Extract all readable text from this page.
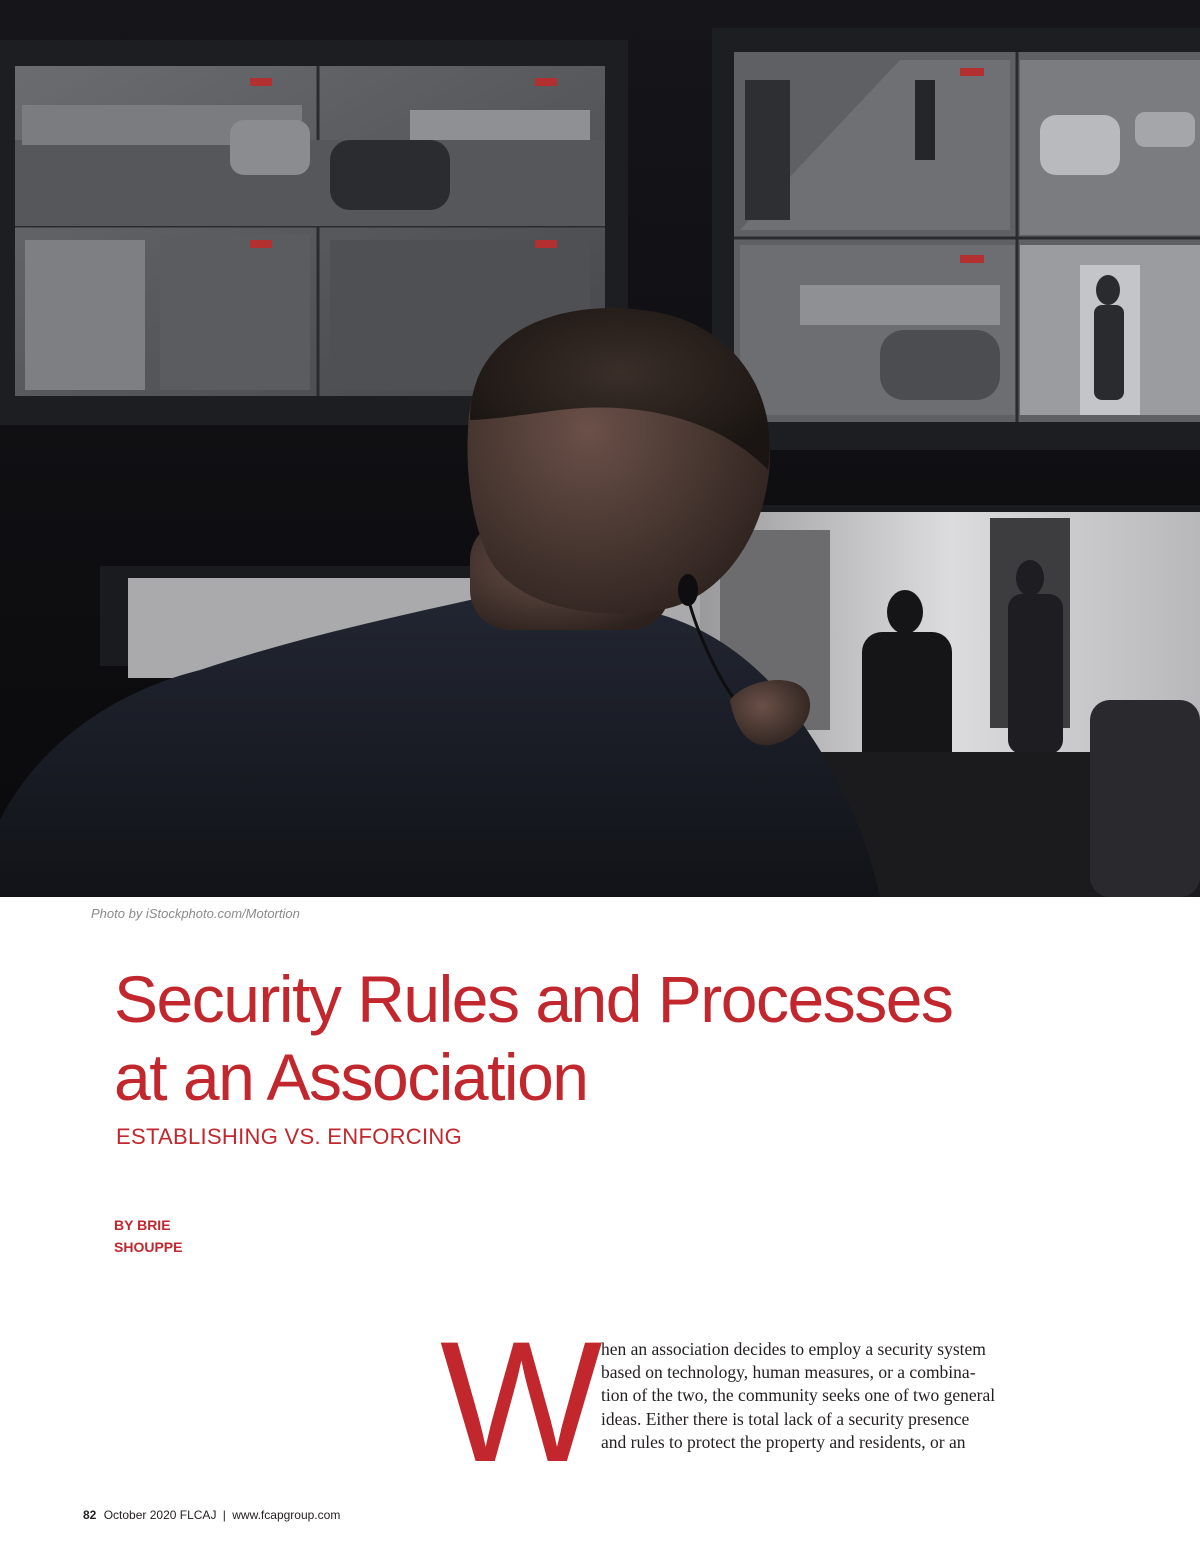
Photo by iStockphoto.com/Motortion
Security Rules and Processes
at an Association
ESTABLISHING VS. ENFORCING
BY BRIE
SHOUPPE
W hen an association decides to employ a security system
based on technology, human measures, or a combina-
tion of the two, the community seeks one of two general
ideas. Either there is total lack of a security presence
and rules to protect the property and residents, or an
82 October 2020 FLCAJ | www.fcapgroup.com
